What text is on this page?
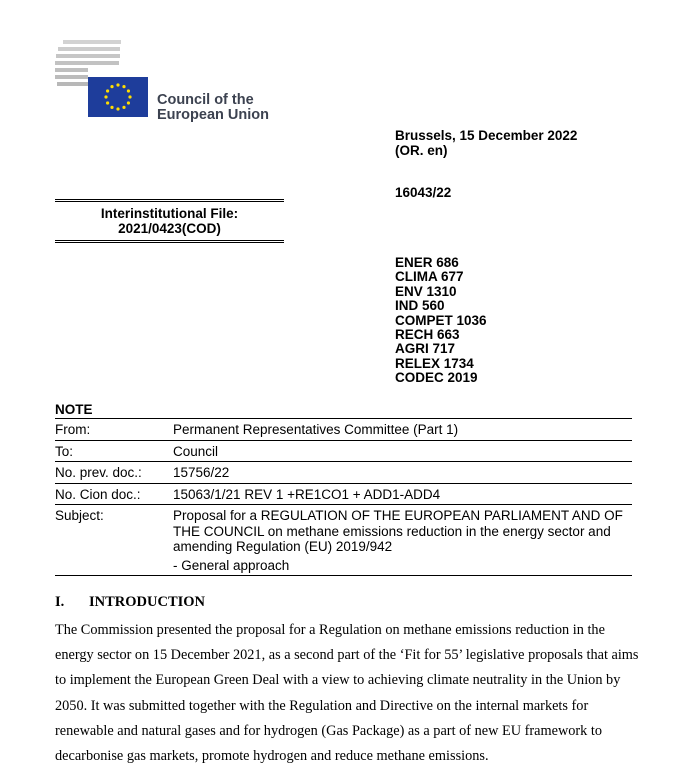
Council of the
European Union
Brussels, 15 December 2022
(OR. en)
16043/22
Interinstitutional File:
2021/0423(COD)
ENER 686
CLIMA 677
ENV 1310
IND 560
COMPET 1036
RECH 663
AGRI 717
RELEX 1734
CODEC 2019
NOTE
From:	Permanent Representatives Committee (Part 1)
To:	Council
No. prev. doc.:	15756/22
No. Cion doc.:	15063/1/21 REV 1 +RE1CO1 + ADD1-ADD4
Subject:	Proposal for a REGULATION OF THE EUROPEAN PARLIAMENT AND OF THE COUNCIL on methane emissions reduction in the energy sector and amending Regulation (EU) 2019/942
- General approach
I. INTRODUCTION
The Commission presented the proposal for a Regulation on methane emissions reduction in the energy sector on 15 December 2021, as a second part of the ‘Fit for 55’ legislative proposals that aims to implement the European Green Deal with a view to achieving climate neutrality in the Union by 2050. It was submitted together with the Regulation and Directive on the internal markets for renewable and natural gases and for hydrogen (Gas Package) as a part of new EU framework to decarbonise gas markets, promote hydrogen and reduce methane emissions.
